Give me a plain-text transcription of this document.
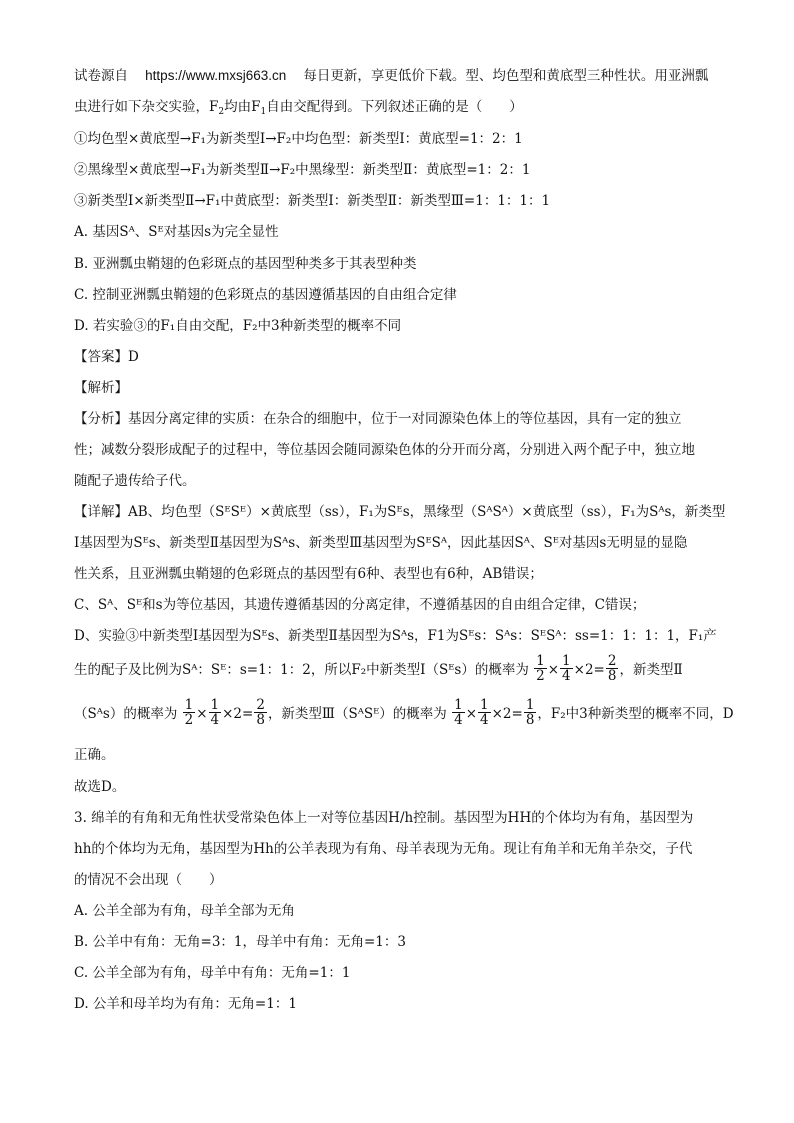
试卷源自 https://www.mxsj663.cn 每日更新，享更低价下载。型、均色型和黄底型三种性状。用亚洲瓢
虫进行如下杂交实验，$F_2$均由$F_1$自由交配得到。下列叙述正确的是（　　）
①均色型×黄底型→F₁为新类型Ⅰ→F₂中均色型：新类型Ⅰ：黄底型=1：2：1
②黑缘型×黄底型→F₁为新类型Ⅱ→F₂中黑缘型：新类型Ⅱ：黄底型=1：2：1
③新类型Ⅰ×新类型Ⅱ→F₁中黄底型：新类型Ⅰ：新类型Ⅱ：新类型Ⅲ=1：1：1：1
A. 基因Sᴬ、Sᴱ对基因s为完全显性
B. 亚洲瓢虫鞘翅的色彩斑点的基因型种类多于其表型种类
C. 控制亚洲瓢虫鞘翅的色彩斑点的基因遵循基因的自由组合定律
D. 若实验③的F₁自由交配，F₂中3种新类型的概率不同
【答案】D
【解析】
【分析】基因分离定律的实质：在杂合的细胞中，位于一对同源染色体上的等位基因，具有一定的独立
性；减数分裂形成配子的过程中，等位基因会随同源染色体的分开而分离，分别进入两个配子中，独立地
随配子遗传给子代。
【详解】AB、均色型（SᴱSᴱ）×黄底型（ss），F₁为Sᴱs，黑缘型（SᴬSᴬ）×黄底型（ss），F₁为Sᴬs，新类型
Ⅰ基因型为Sᴱs、新类型Ⅱ基因型为Sᴬs、新类型Ⅲ基因型为SᴱSᴬ，因此基因Sᴬ、Sᴱ对基因s无明显的显隐
性关系，且亚洲瓢虫鞘翅的色彩斑点的基因型有6种、表型也有6种，AB错误；
C、Sᴬ、Sᴱ和s为等位基因，其遗传遵循基因的分离定律，不遵循基因的自由组合定律，C错误；
D、实验③中新类型Ⅰ基因型为Sᴱs、新类型Ⅱ基因型为Sᴬs，F1为Sᴱs：Sᴬs：SᴱSᴬ：ss=1：1：1：1，F₁产
生的配子及比例为Sᴬ：Sᴱ：s=1：1：2，所以F₂中新类型Ⅰ（Sᴱs）的概率为 $\frac{1}{2} \times \frac{1}{4} \times 2= \frac{2}{8}$ ，新类型Ⅱ
（Sᴬs）的概率为 $\frac{1}{2} \times \frac{1}{4} \times 2= \frac{2}{8}$ ，新类型Ⅲ（SᴬSᴱ）的概率为 $\frac{1}{4} \times \frac{1}{4} \times 2= \frac{1}{8}$ ，F₂中3种新类型的概率不同，D
正确。
故选D。
3. 绵羊的有角和无角性状受常染色体上一对等位基因H/h控制。基因型为HH的个体均为有角，基因型为
hh的个体均为无角，基因型为Hh的公羊表现为有角、母羊表现为无角。现让有角羊和无角羊杂交，子代
的情况不会出现（　　）
A. 公羊全部为有角，母羊全部为无角
B. 公羊中有角：无角=3：1，母羊中有角：无角=1：3
C. 公羊全部为有角，母羊中有角：无角=1：1
D. 公羊和母羊均为有角：无角=1：1
